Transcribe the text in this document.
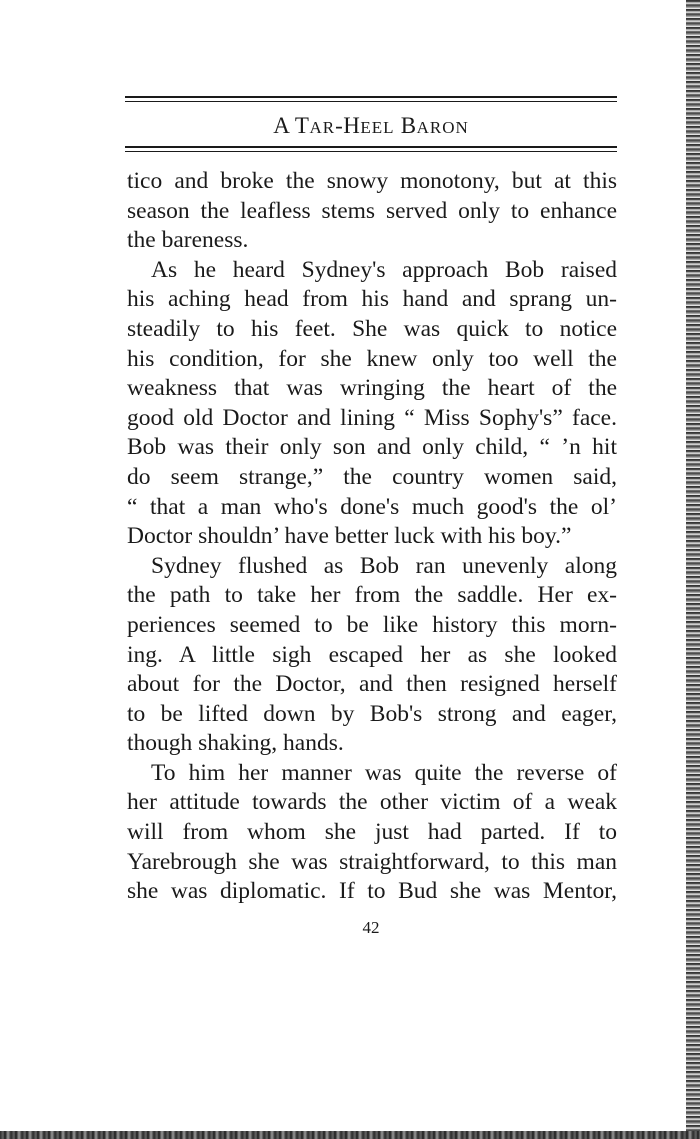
A TAR-HEEL BARON
tico and broke the snowy monotony, but at this
season the leafless stems served only to enhance
the bareness.
As he heard Sydney's approach Bob raised
his aching head from his hand and sprang un-
steadily to his feet. She was quick to notice
his condition, for she knew only too well the
weakness that was wringing the heart of the
good old Doctor and lining “ Miss Sophy's” face.
Bob was their only son and only child, “ ’n hit
do seem strange,” the country women said,
“ that a man who's done's much good's the ol’
Doctor shouldn’ have better luck with his boy.”
Sydney flushed as Bob ran unevenly along
the path to take her from the saddle. Her ex-
periences seemed to be like history this morn-
ing. A little sigh escaped her as she looked
about for the Doctor, and then resigned herself
to be lifted down by Bob's strong and eager,
though shaking, hands.
To him her manner was quite the reverse of
her attitude towards the other victim of a weak
will from whom she just had parted. If to
Yarebrough she was straightforward, to this man
she was diplomatic. If to Bud she was Mentor,
42
